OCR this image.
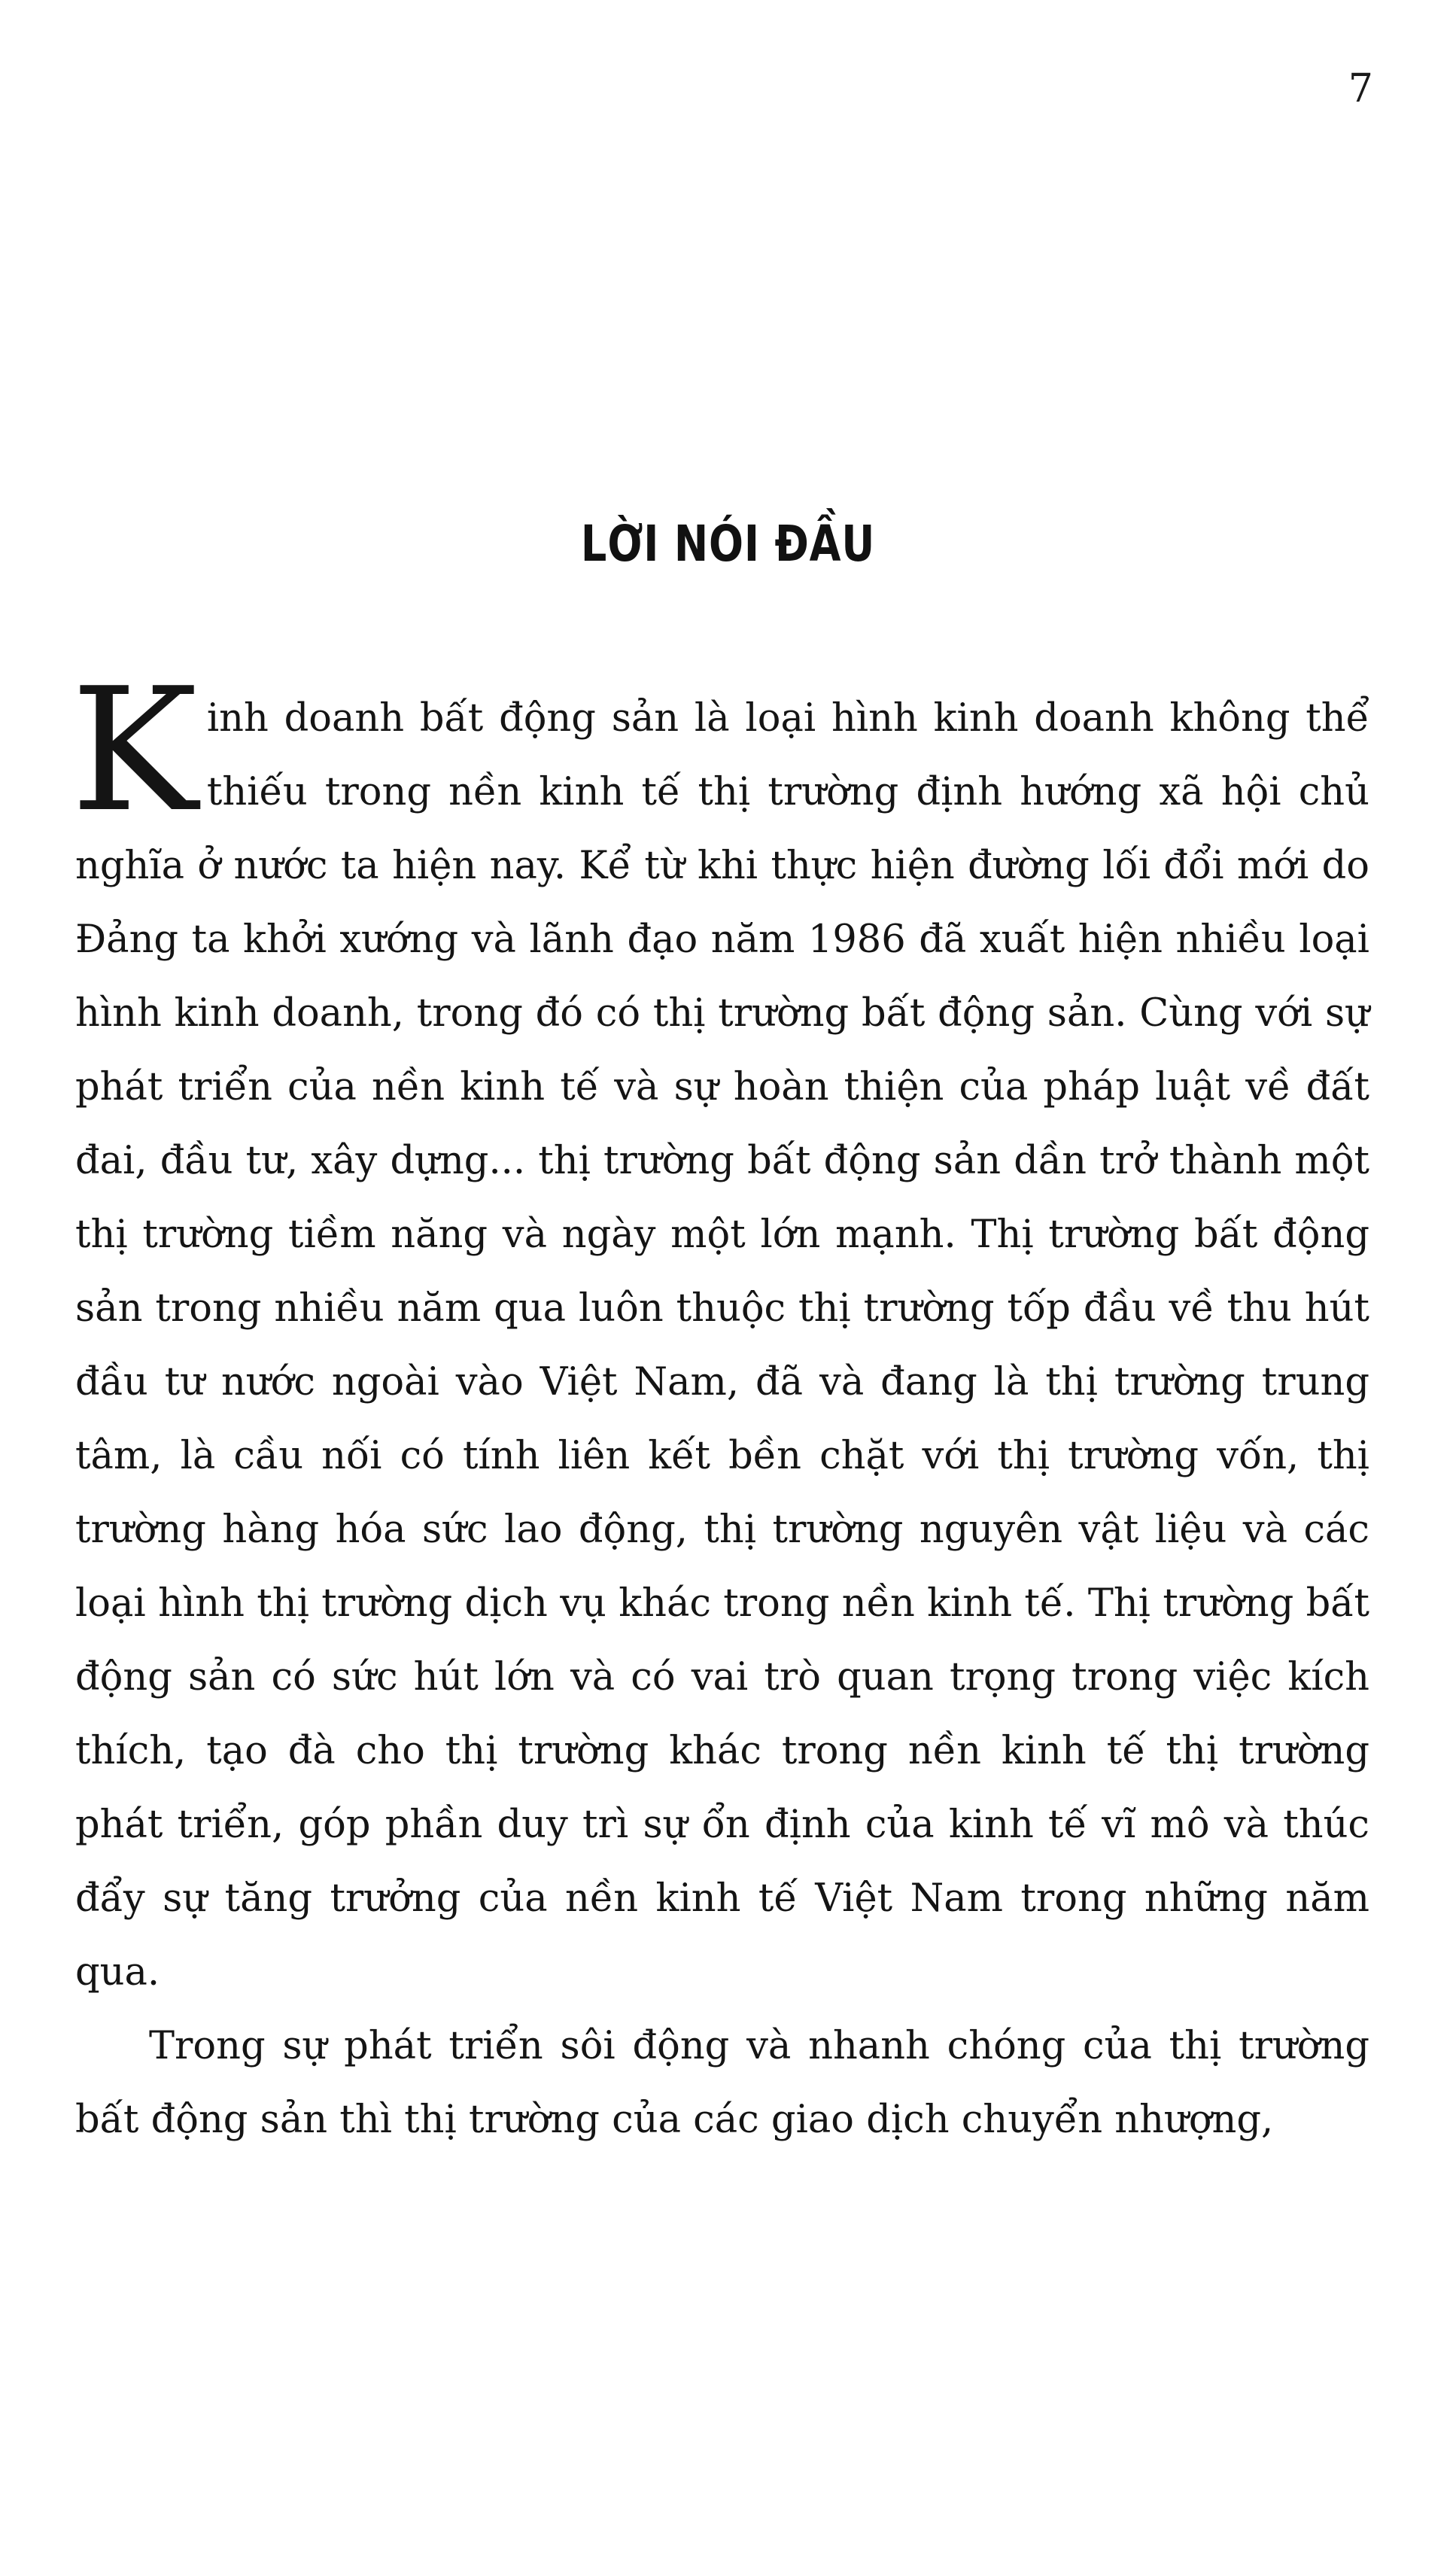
7
LỜI NÓI ĐẦU

Kinh doanh bất động sản là loại hình kinh doanh không thể thiếu trong nền kinh tế thị trường định hướng xã hội chủ nghĩa ở nước ta hiện nay. Kể từ khi thực hiện đường lối đổi mới do Đảng ta khởi xướng và lãnh đạo năm 1986 đã xuất hiện nhiều loại hình kinh doanh, trong đó có thị trường bất động sản. Cùng với sự phát triển của nền kinh tế và sự hoàn thiện của pháp luật về đất đai, đầu tư, xây dựng... thị trường bất động sản dần trở thành một thị trường tiềm năng và ngày một lớn mạnh. Thị trường bất động sản trong nhiều năm qua luôn thuộc thị trường tốp đầu về thu hút đầu tư nước ngoài vào Việt Nam, đã và đang là thị trường trung tâm, là cầu nối có tính liên kết bền chặt với thị trường vốn, thị trường hàng hóa sức lao động, thị trường nguyên vật liệu và các loại hình thị trường dịch vụ khác trong nền kinh tế. Thị trường bất động sản có sức hút lớn và có vai trò quan trọng trong việc kích thích, tạo đà cho thị trường khác trong nền kinh tế thị trường phát triển, góp phần duy trì sự ổn định của kinh tế vĩ mô và thúc đẩy sự tăng trưởng của nền kinh tế Việt Nam trong những năm qua.

Trong sự phát triển sôi động và nhanh chóng của thị trường bất động sản thì thị trường của các giao dịch chuyển nhượng,
